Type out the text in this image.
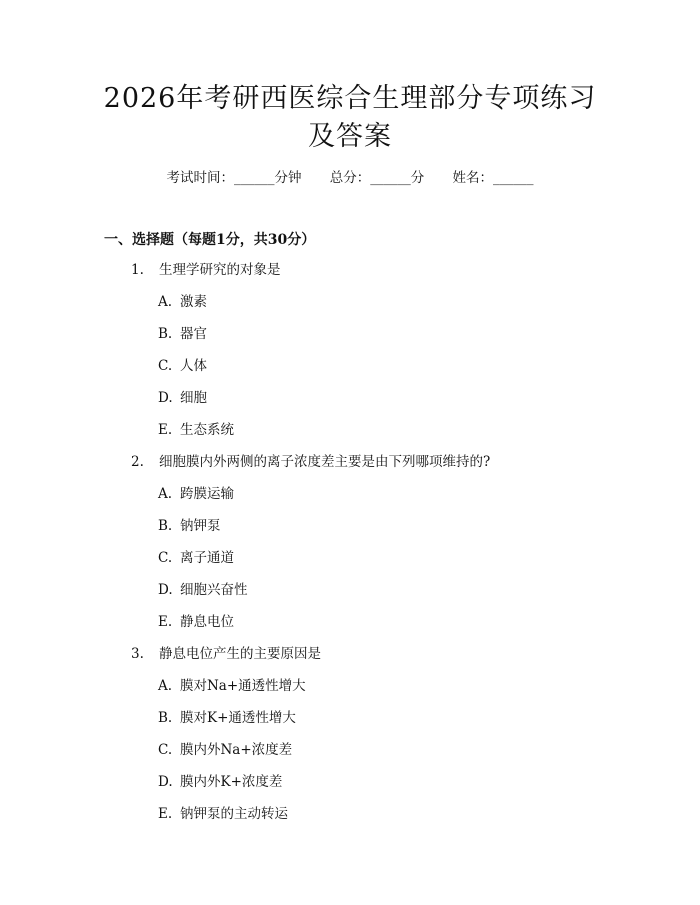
2026年考研西医综合生理部分专项练习及答案
考试时间：______分钟 总分：______分 姓名：______
一、选择题（每题1分，共30分）
1. 生理学研究的对象是
A. 激素
B. 器官
C. 人体
D. 细胞
E. 生态系统
2. 细胞膜内外两侧的离子浓度差主要是由下列哪项维持的?
A. 跨膜运输
B. 钠钾泵
C. 离子通道
D. 细胞兴奋性
E. 静息电位
3. 静息电位产生的主要原因是
A. 膜对Na+通透性增大
B. 膜对K+通透性增大
C. 膜内外Na+浓度差
D. 膜内外K+浓度差
E. 钠钾泵的主动转运
